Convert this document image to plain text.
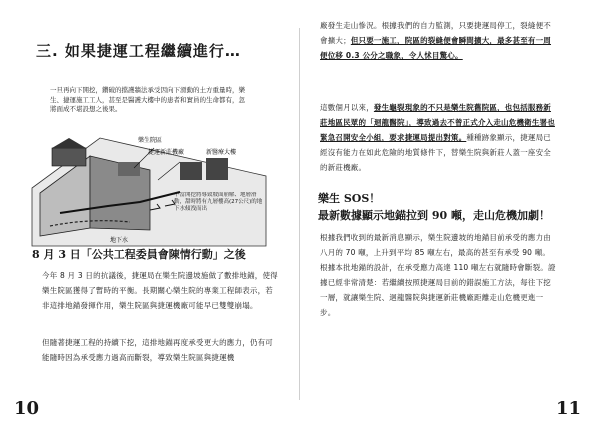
三. 如果捷運工程繼續進行…
一旦再向下開挖，鑽破的擋護牆法承受因向下滑動的土方重量時，樂生、捷運施工工人，甚至是醫護大樓中的患者和實員的生命都有，忽將面成不堪設想之後果。
樂生院區
捷運新莊機廠	新醫療大樓
地下水
不當開挖將導致坡面崩解、地層滑動，甜時將有九層樓高(27公尺)的地下水傾洩而出
8 月 3 日「公共工程委員會陳情行動」之後
今年 8 月 3 日的抗議後，捷運局在樂生院邊坡施做了數排地錨，使得樂生院區獲得了暫時的平衡。長期關心樂生院的專業工程師表示，若非這排地錨發揮作用，樂生院區與捷運機廠可能早已雙雙崩塌。
但隨著捷運工程的持續下挖，這排地錨再度承受更大的應力，仍有可能隨時因為承受應力過高而斷裂，導致樂生院區與捷運機
10
廠發生走山慘況。根據我們的自力監測，只要捷運局停工，裂縫便不會擴大；但只要一施工，院區的裂縫便會瞬間擴大，最多甚至有一周便位移 0.3 公分之職象，令人怵目驚心。
這數個月以來，發生龜裂現象的不只是樂生院舊院區，也包括服務新莊地區民眾的「迴龍醫院」，導致過去不曾正式介入走山危機衛生署也緊急召開安全小組，要求捷運局提出對策。種種跡象顯示，捷運局已經沒有能力在如此危險的地質條件下，替樂生院與新莊人蓋一座安全的新莊機廠。
樂生 SOS！
最新數據顯示地錨拉到 90 噸，走山危機加劇！
根據我們收到的最新消息顯示，樂生院邊坡的地錨目前承受的應力由八月的 70 噸，上升到平均 85 噸左右，最高的甚至有承受 90 噸。根據本批地錨的設計，在承受應力高達 110 噸左右就隨時會斷裂。證據已經非常清楚：若繼續按照捷運局目前的錯誤施工方法，每往下挖一層，就讓樂生院、迴龍醫院與捷運新莊機廠距離走山危機更進一步。
11
